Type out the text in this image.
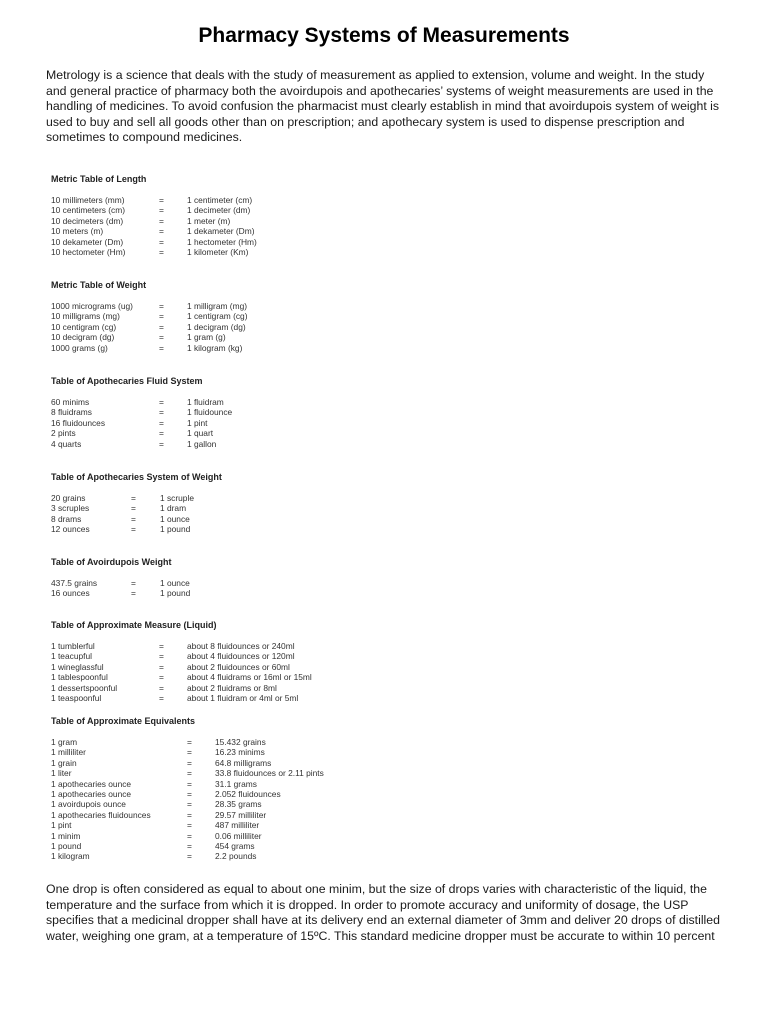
Pharmacy Systems of Measurements

Metrology is a science that deals with the study of measurement as applied to extension, volume and weight. In the study and general practice of pharmacy both the avoirdupois and apothecaries’ systems of weight measurements are used in the handling of medicines. To avoid confusion the pharmacist must clearly establish in mind that avoirdupois system of weight is used to buy and sell all goods other than on prescription; and apothecary system is used to dispense prescription and sometimes to compound medicines.

Metric Table of Length
10 millimeters (mm)	=	1 centimeter (cm)
10 centimeters (cm)	=	1 decimeter (dm)
10 decimeters (dm)	=	1 meter (m)
10 meters (m)	=	1 dekameter (Dm)
10 dekameter (Dm)	=	1 hectometer (Hm)
10 hectometer (Hm)	=	1 kilometer (Km)
Metric Table of Weight
1000 micrograms (ug)	=	1 milligram (mg)
10 milligrams (mg)	=	1 centigram (cg)
10 centigram (cg)	=	1 decigram (dg)
10 decigram (dg)	=	1 gram (g)
1000 grams (g)	=	1 kilogram (kg)
Table of Apothecaries Fluid System
60 minims	=	1 fluidram
8 fluidrams	=	1 fluidounce
16 fluidounces	=	1 pint
2 pints	=	1 quart
4 quarts	=	1 gallon
Table of Apothecaries System of Weight
20 grains	=	1 scruple
3 scruples	=	1 dram
8 drams	=	1 ounce
12 ounces	=	1 pound
Table of Avoirdupois Weight
437.5 grains	=	1 ounce
16 ounces	=	1 pound
Table of Approximate Measure (Liquid)
1 tumblerful	=	about 8 fluidounces or 240ml
1 teacupful	=	about 4 fluidounces or 120ml
1 wineglassful	=	about 2 fluidounces or 60ml
1 tablespoonful	=	about 4 fluidrams or 16ml or 15ml
1 dessertspoonful	=	about 2 fluidrams or 8ml
1 teaspoonful	=	about 1 fluidram or 4ml or 5ml
Table of Approximate Equivalents
1 gram	=	15.432 grains
1 milliliter	=	16.23 minims
1 grain	=	64.8 milligrams
1 liter	=	33.8 fluidounces or 2.11 pints
1 apothecaries ounce	=	31.1 grams
1 apothecaries ounce	=	2.052 fluidounces
1 avoirdupois ounce	=	28.35 grams
1 apothecaries fluidounces	=	29.57 milliliter
1 pint	=	487 milliliter
1 minim	=	0.06 milliliter
1 pound	=	454 grams
1 kilogram	=	2.2 pounds

One drop is often considered as equal to about one minim, but the size of drops varies with characteristic of the liquid, the temperature and the surface from which it is dropped. In order to promote accuracy and uniformity of dosage, the USP specifies that a medicinal dropper shall have at its delivery end an external diameter of 3mm and deliver 20 drops of distilled water, weighing one gram, at a temperature of 15ºC. This standard medicine dropper must be accurate to within 10 percent
